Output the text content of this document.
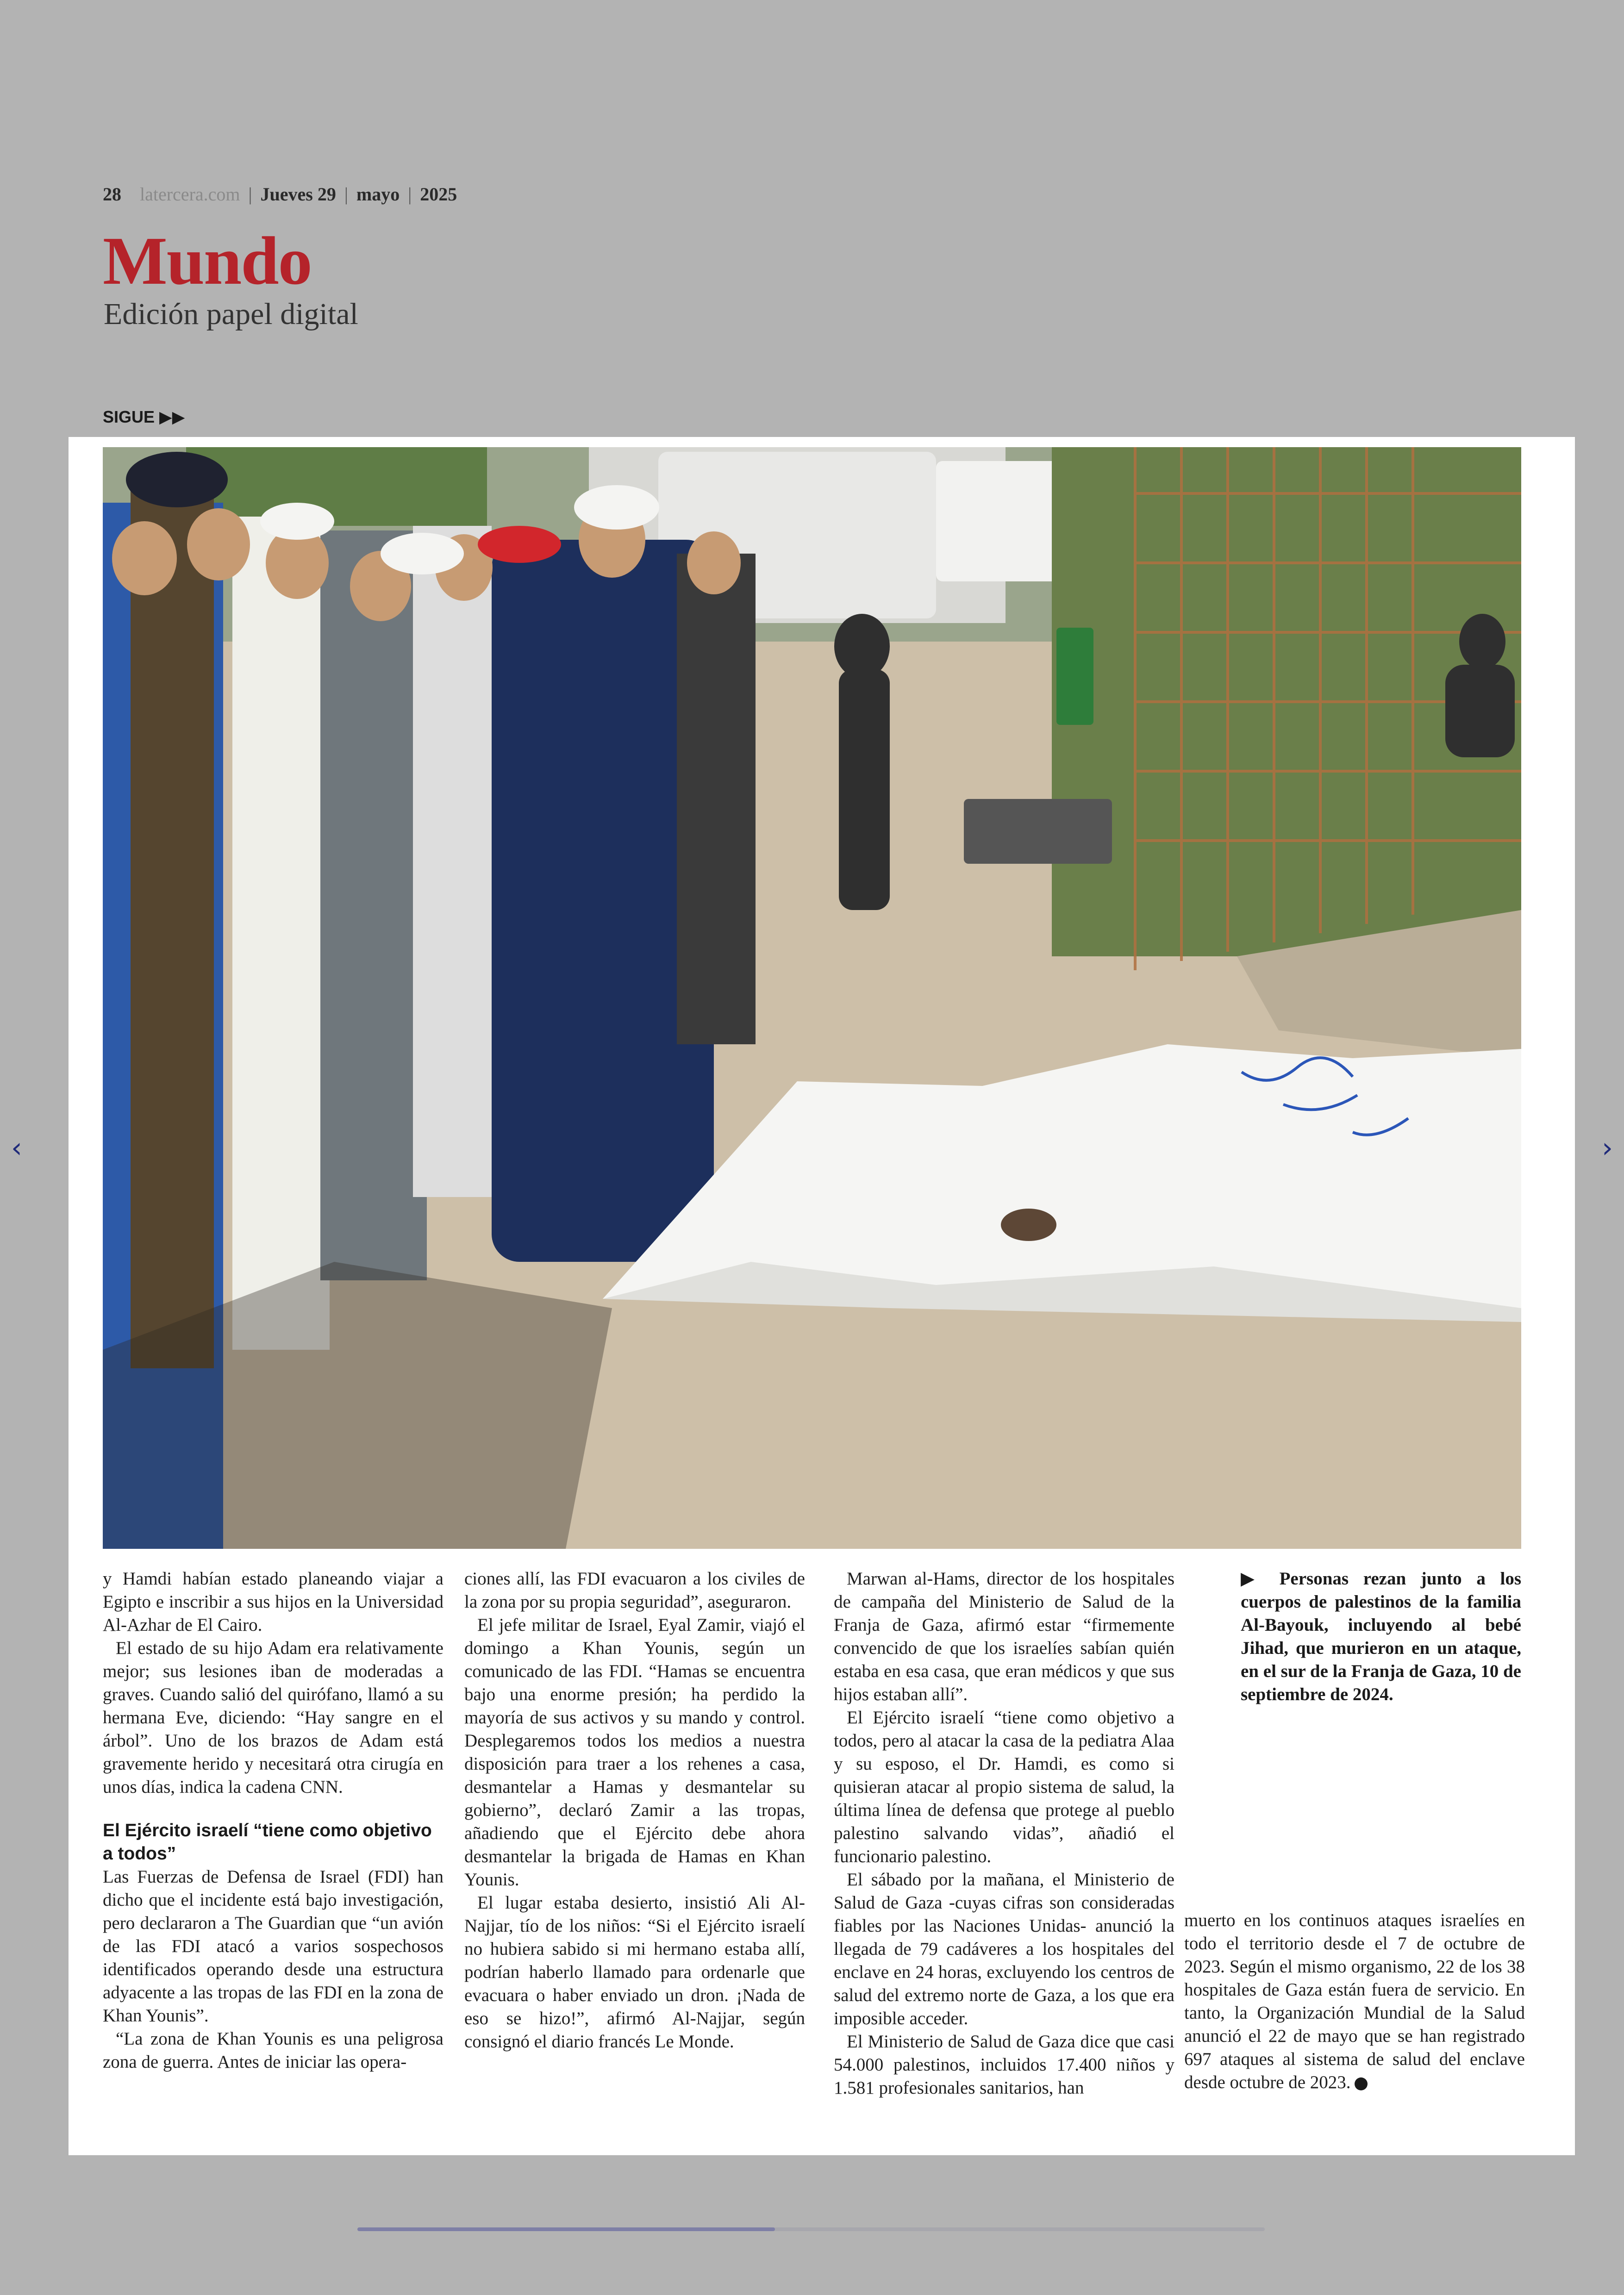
28 latercera.com | Jueves 29 | mayo | 2025
Mundo
Edición papel digital
SIGUE ▶▶
‹	›

y Hamdi habían estado planeando viajar a Egipto e inscribir a sus hijos en la Universidad Al-Azhar de El Cairo.

El estado de su hijo Adam era relativamente mejor; sus lesiones iban de moderadas a graves. Cuando salió del quirófano, llamó a su hermana Eve, diciendo: “Hay sangre en el árbol”. Uno de los brazos de Adam está gravemente herido y necesitará otra cirugía en unos días, indica la cadena CNN.

El Ejército israelí “tiene como objetivo a todos”

Las Fuerzas de Defensa de Israel (FDI) han dicho que el incidente está bajo investigación, pero declararon a The Guardian que “un avión de las FDI atacó a varios sospechosos identificados operando desde una estructura adyacente a las tropas de las FDI en la zona de Khan Younis”.

“La zona de Khan Younis es una peligrosa zona de guerra. Antes de iniciar las opera-

ciones allí, las FDI evacuaron a los civiles de la zona por su propia seguridad”, aseguraron.

El jefe militar de Israel, Eyal Zamir, viajó el domingo a Khan Younis, según un comunicado de las FDI. “Hamas se encuentra bajo una enorme presión; ha perdido la mayoría de sus activos y su mando y control. Desplegaremos todos los medios a nuestra disposición para traer a los rehenes a casa, desmantelar a Hamas y desmantelar su gobierno”, declaró Zamir a las tropas, añadiendo que el Ejército debe ahora desmantelar la brigada de Hamas en Khan Younis.

El lugar estaba desierto, insistió Ali Al-Najjar, tío de los niños: “Si el Ejército israelí no hubiera sabido si mi hermano estaba allí, podrían haberlo llamado para ordenarle que evacuara o haber enviado un dron. ¡Nada de eso se hizo!”, afirmó Al-Najjar, según consignó el diario francés Le Monde.

Marwan al-Hams, director de los hospitales de campaña del Ministerio de Salud de la Franja de Gaza, afirmó estar “firmemente convencido de que los israelíes sabían quién estaba en esa casa, que eran médicos y que sus hijos estaban allí”.

El Ejército israelí “tiene como objetivo a todos, pero al atacar la casa de la pediatra Alaa y su esposo, el Dr. Hamdi, es como si quisieran atacar al propio sistema de salud, la última línea de defensa que protege al pueblo palestino salvando vidas”, añadió el funcionario palestino.

El sábado por la mañana, el Ministerio de Salud de Gaza -cuyas cifras son consideradas fiables por las Naciones Unidas- anunció la llegada de 79 cadáveres a los hospitales del enclave en 24 horas, excluyendo los centros de salud del extremo norte de Gaza, a los que era imposible acceder.

El Ministerio de Salud de Gaza dice que casi 54.000 palestinos, incluidos 17.400 niños y 1.581 profesionales sanitarios, han

▶ Personas rezan junto a los cuerpos de palestinos de la familia Al-Bayouk, incluyendo al bebé Jihad, que murieron en un ataque, en el sur de la Franja de Gaza, 10 de septiembre de 2024.

muerto en los continuos ataques israelíes en todo el territorio desde el 7 de octubre de 2023. Según el mismo organismo, 22 de los 38 hospitales de Gaza están fuera de servicio. En tanto, la Organización Mundial de la Salud anunció el 22 de mayo que se han registrado 697 ataques al sistema de salud del enclave desde octubre de 2023.
